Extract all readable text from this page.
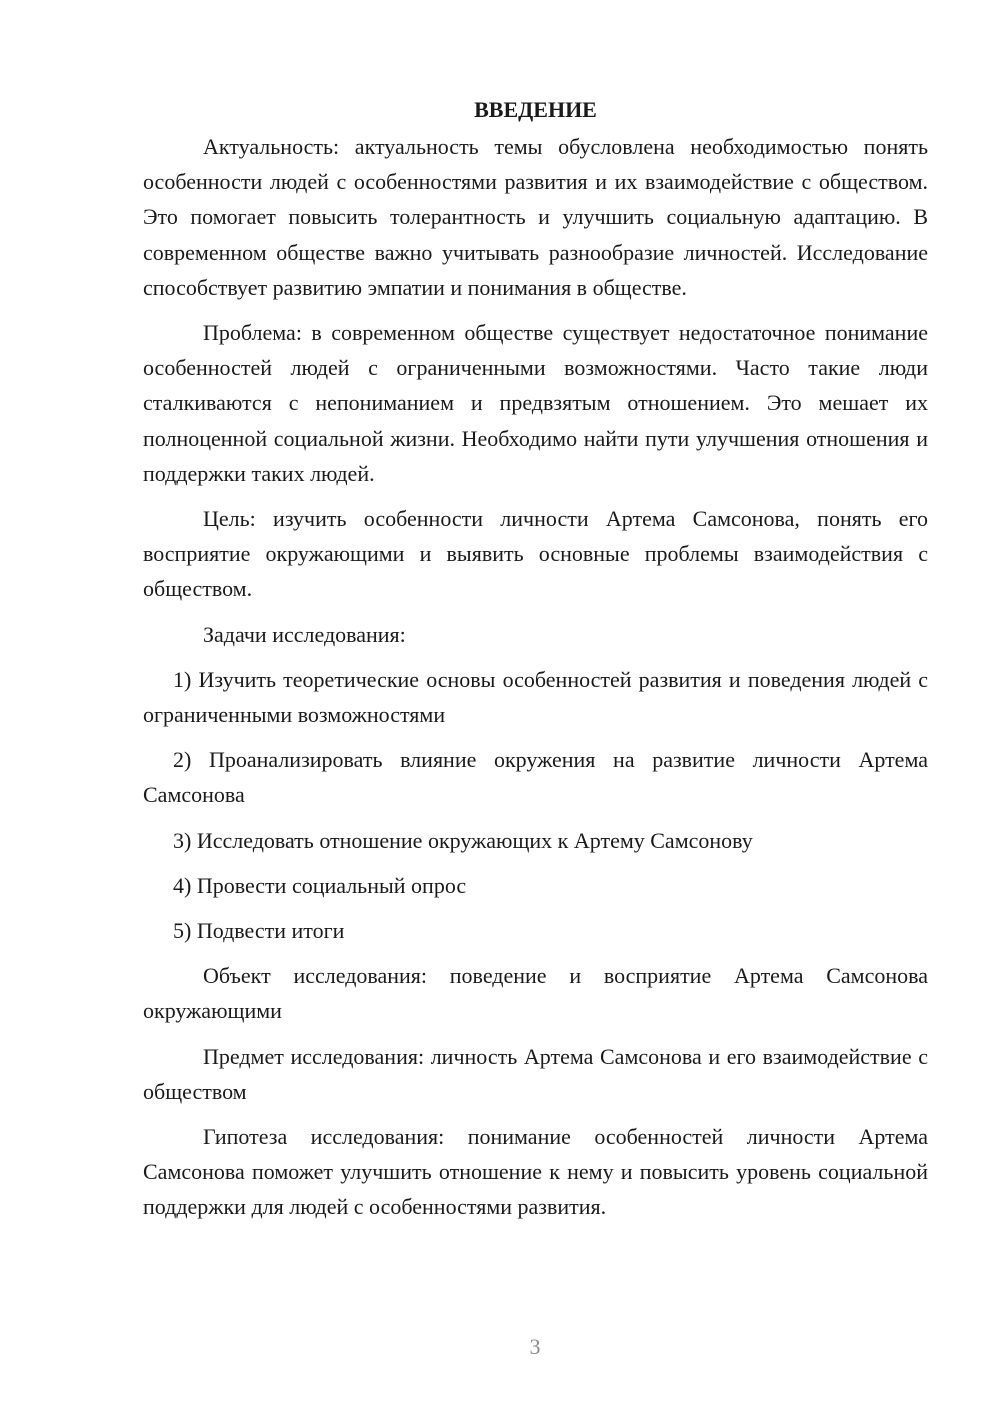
ВВЕДЕНИЕ

Актуальность: актуальность темы обусловлена необходимостью понять особенности людей с особенностями развития и их взаимодействие с обществом. Это помогает повысить толерантность и улучшить социальную адаптацию. В современном обществе важно учитывать разнообразие личностей. Исследование способствует развитию эмпатии и понимания в обществе.

Проблема: в современном обществе существует недостаточное понимание особенностей людей с ограниченными возможностями. Часто такие люди сталкиваются с непониманием и предвзятым отношением. Это мешает их полноценной социальной жизни. Необходимо найти пути улучшения отношения и поддержки таких людей.

Цель: изучить особенности личности Артема Самсонова, понять его восприятие окружающими и выявить основные проблемы взаимодействия с обществом.

Задачи исследования:

1) Изучить теоретические основы особенностей развития и поведения людей с ограниченными возможностями

2) Проанализировать влияние окружения на развитие личности Артема Самсонова

3) Исследовать отношение окружающих к Артему Самсонову

4) Провести социальный опрос

5) Подвести итоги

Объект исследования: поведение и восприятие Артема Самсонова окружающими

Предмет исследования: личность Артема Самсонова и его взаимодействие с обществом

Гипотеза исследования: понимание особенностей личности Артема Самсонова поможет улучшить отношение к нему и повысить уровень социальной поддержки для людей с особенностями развития.

3
